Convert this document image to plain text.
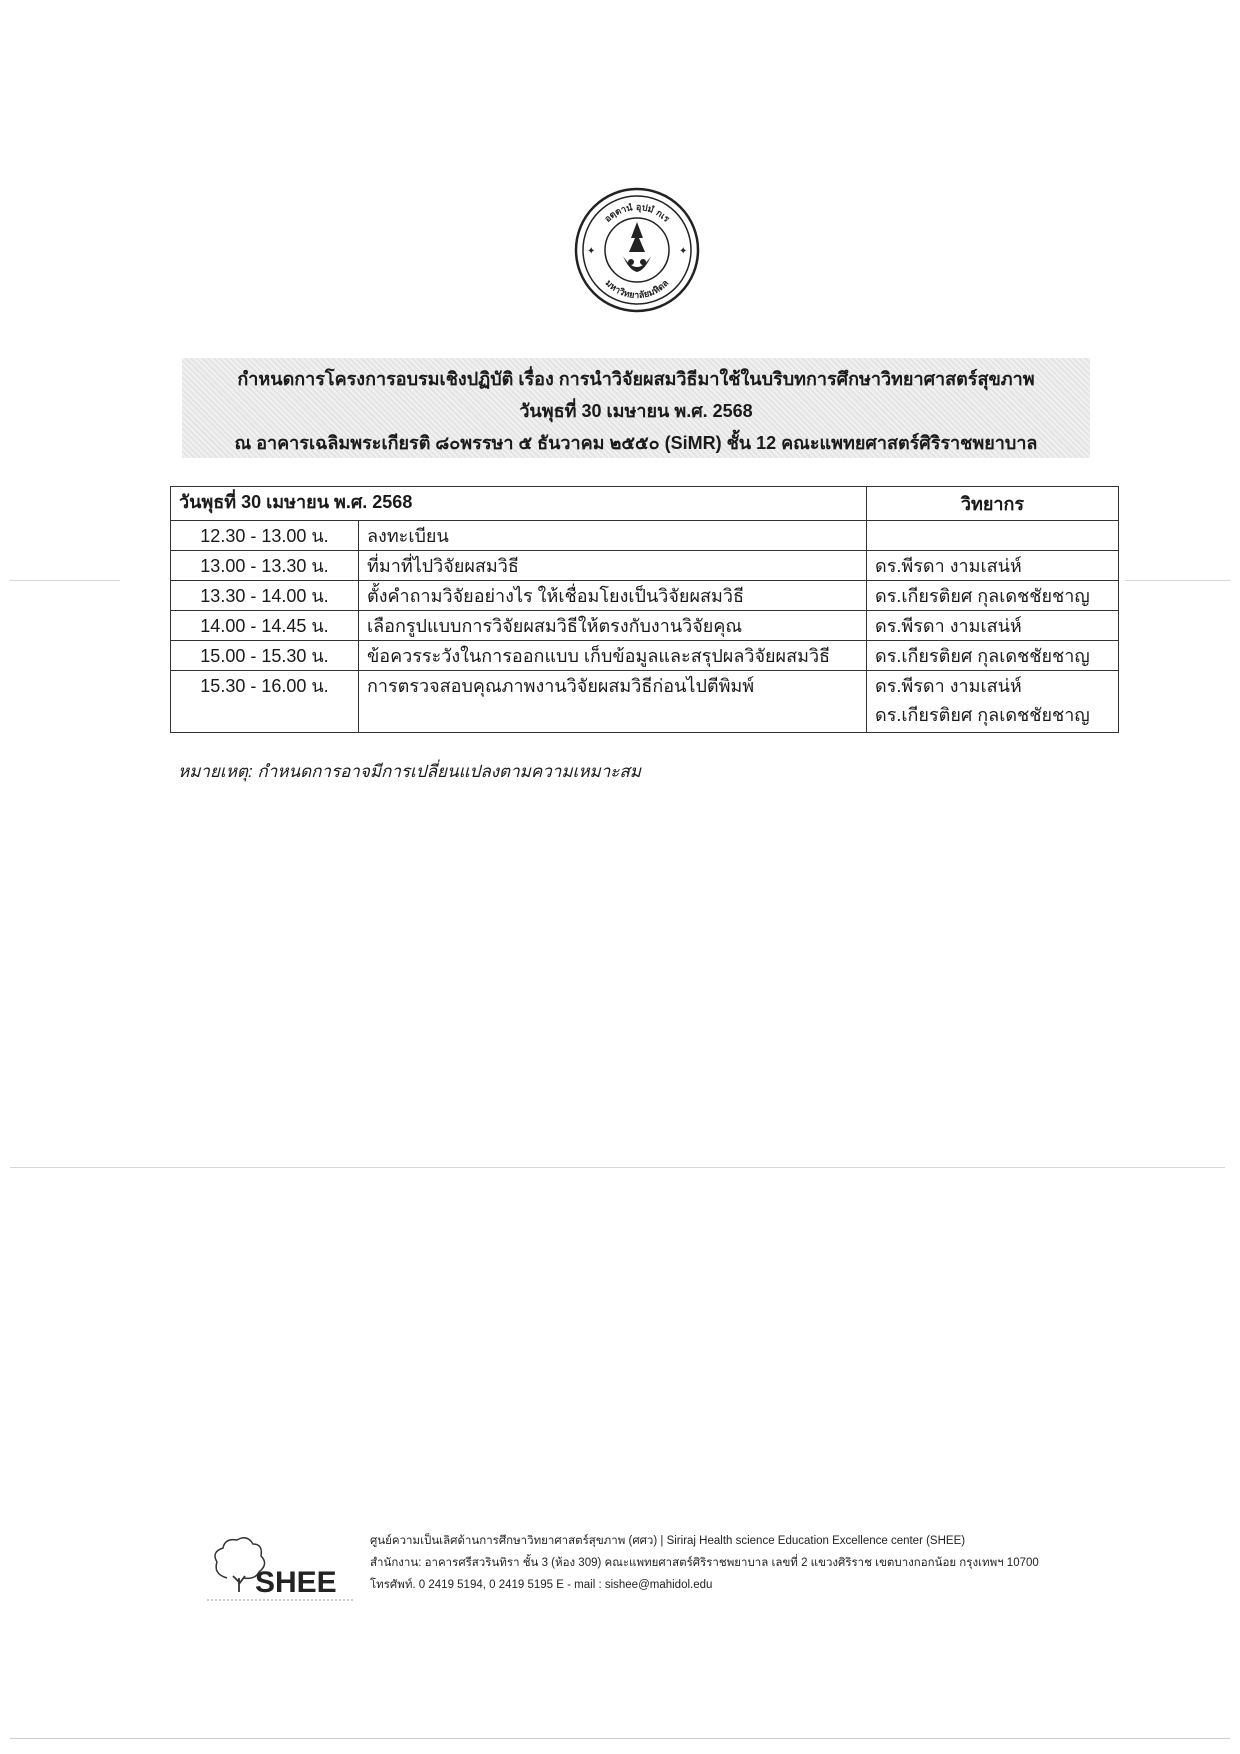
✦	✦
อตฺตานํ อุปมํ กเร
มหาวิทยาลัยมหิดล
กำหนดการโครงการอบรมเชิงปฏิบัติ เรื่อง การนำวิจัยผสมวิธีมาใช้ในบริบทการศึกษาวิทยาศาสตร์สุขภาพ
วันพุธที่ 30 เมษายน พ.ศ. 2568
ณ อาคารเฉลิมพระเกียรติ ๘๐พรรษา ๕ ธันวาคม ๒๕๕๐ (SiMR) ชั้น 12 คณะแพทยศาสตร์ศิริราชพยาบาล
วันพุธที่ 30 เมษายน พ.ศ. 2568		วิทยากร
12.30 - 13.00 น.	ลงทะเบียน	

13.00 - 13.30 น.	ที่มาที่ไปวิจัยผสมวิธี	ดร.พีรดา งามเสน่ห์

13.30 - 14.00 น.	ตั้งคำถามวิจัยอย่างไร ให้เชื่อมโยงเป็นวิจัยผสมวิธี	ดร.เกียรติยศ กุลเดชชัยชาญ

14.00 - 14.45 น.	เลือกรูปแบบการวิจัยผสมวิธีให้ตรงกับงานวิจัยคุณ	ดร.พีรดา งามเสน่ห์

15.00 - 15.30 น.	ข้อควรระวังในการออกแบบ เก็บข้อมูลและสรุปผลวิจัยผสมวิธี	ดร.เกียรติยศ กุลเดชชัยชาญ

15.30 - 16.00 น.	การตรวจสอบคุณภาพงานวิจัยผสมวิธีก่อนไปตีพิมพ์	ดร.พีรดา งามเสน่ห์
ดร.เกียรติยศ กุลเดชชัยชาญ
หมายเหตุ: กำหนดการอาจมีการเปลี่ยนแปลงตามความเหมาะสม
SHEE
ศูนย์ความเป็นเลิศด้านการศึกษาวิทยาศาสตร์สุขภาพ (ศศว) | Siriraj Health science Education Excellence center (SHEE)
สำนักงาน: อาคารศรีสวรินทิรา ชั้น 3 (ห้อง 309) คณะแพทยศาสตร์ศิริราชพยาบาล เลขที่ 2 แขวงศิริราช เขตบางกอกน้อย กรุงเทพฯ 10700
โทรศัพท์. 0 2419 5194, 0 2419 5195 E - mail : sishee@mahidol.edu
